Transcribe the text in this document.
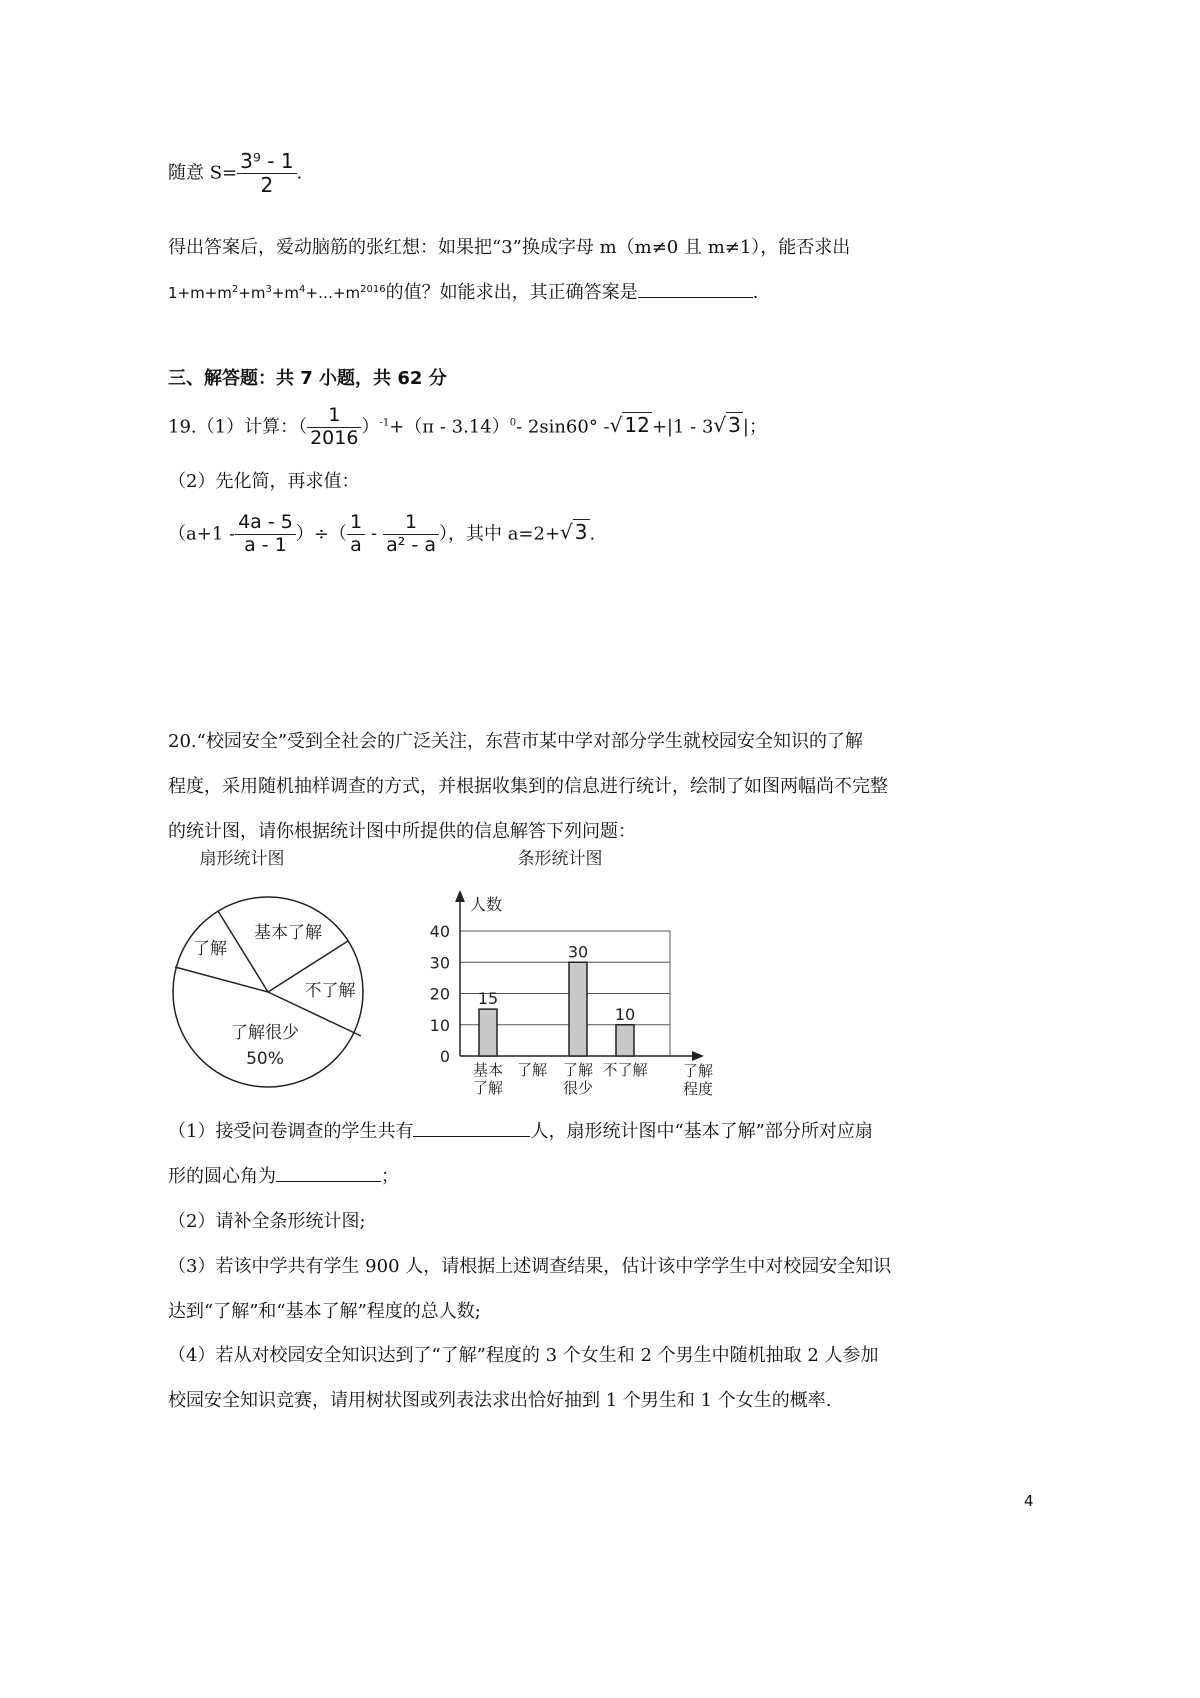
随意 $S= \frac{\text{3⁹ - 1}}{2}$ .
得出答案后，爱动脑筋的张红想：如果把“3”换成字母 m（m≠0 且 m≠1），能否求出
$1+m+m^2+m^3+m^4+\dots+m^{2016}$的值？如能求出，其正确答案是	.
三、解答题：共 7 小题，共 62 分
19.（1）计算：（ $\frac{1}{2016} )^{-1}+(\pi - 3.14)^0-$ 2sin60° -√ 12 +|1 - 3√ 3 |；
（2）先化简，再求值：
（$a+1 - \frac{4a - 5}{a - 1}$ ）÷（ $\frac{1}{a} - \frac{1}{\text{a² - a}}$ ），其中 a=2+√ 3 .
20.“校园安全”受到全社会的广泛关注，东营市某中学对部分学生就校园安全知识的了解
程度，采用随机抽样调查的方式，并根据收集到的信息进行统计，绘制了如图两幅尚不完整
的统计图，请你根据统计图中所提供的信息解答下列问题：
扇形统计图
了解
基本了解
不了解
了解很少
50%
条形统计图
0
10
20
30
40
人数
了解
程度
15
基本
了解
了解
30
了解
很少
10
不了解
（1）接受问卷调查的学生共有	人，扇形统计图中“基本了解”部分所对应扇
形的圆心角为	；
（2）请补全条形统计图;
（3）若该中学共有学生 900 人，请根据上述调查结果，估计该中学学生中对校园安全知识
达到“了解”和“基本了解”程度的总人数;
（4）若从对校园安全知识达到了“了解”程度的 3 个女生和 2 个男生中随机抽取 2 人参加
校园安全知识竞赛，请用树状图或列表法求出恰好抽到 1 个男生和 1 个女生的概率.
4
